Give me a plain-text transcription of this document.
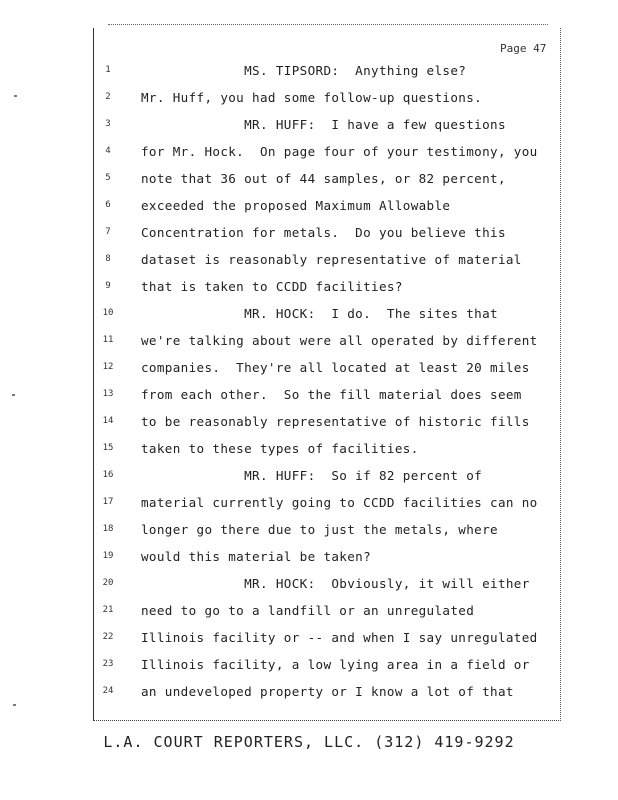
Page 47
1	MS. TIPSORD:  Anything else?
2	Mr. Huff, you had some follow-up questions.
3	MR. HUFF:  I have a few questions
4	for Mr. Hock.  On page four of your testimony, you
5	note that 36 out of 44 samples, or 82 percent,
6	exceeded the proposed Maximum Allowable
7	Concentration for metals.  Do you believe this
8	dataset is reasonably representative of material
9	that is taken to CCDD facilities?
10	MR. HOCK:  I do.  The sites that
11	we're talking about were all operated by different
12	companies.  They're all located at least 20 miles
13	from each other.  So the fill material does seem
14	to be reasonably representative of historic fills
15	taken to these types of facilities.
16	MR. HUFF:  So if 82 percent of
17	material currently going to CCDD facilities can no
18	longer go there due to just the metals, where
19	would this material be taken?
20	MR. HOCK:  Obviously, it will either
21	need to go to a landfill or an unregulated
22	Illinois facility or -- and when I say unregulated
23	Illinois facility, a low lying area in a field or
24	an undeveloped property or I know a lot of that
L.A. COURT REPORTERS, LLC. (312) 419-9292
